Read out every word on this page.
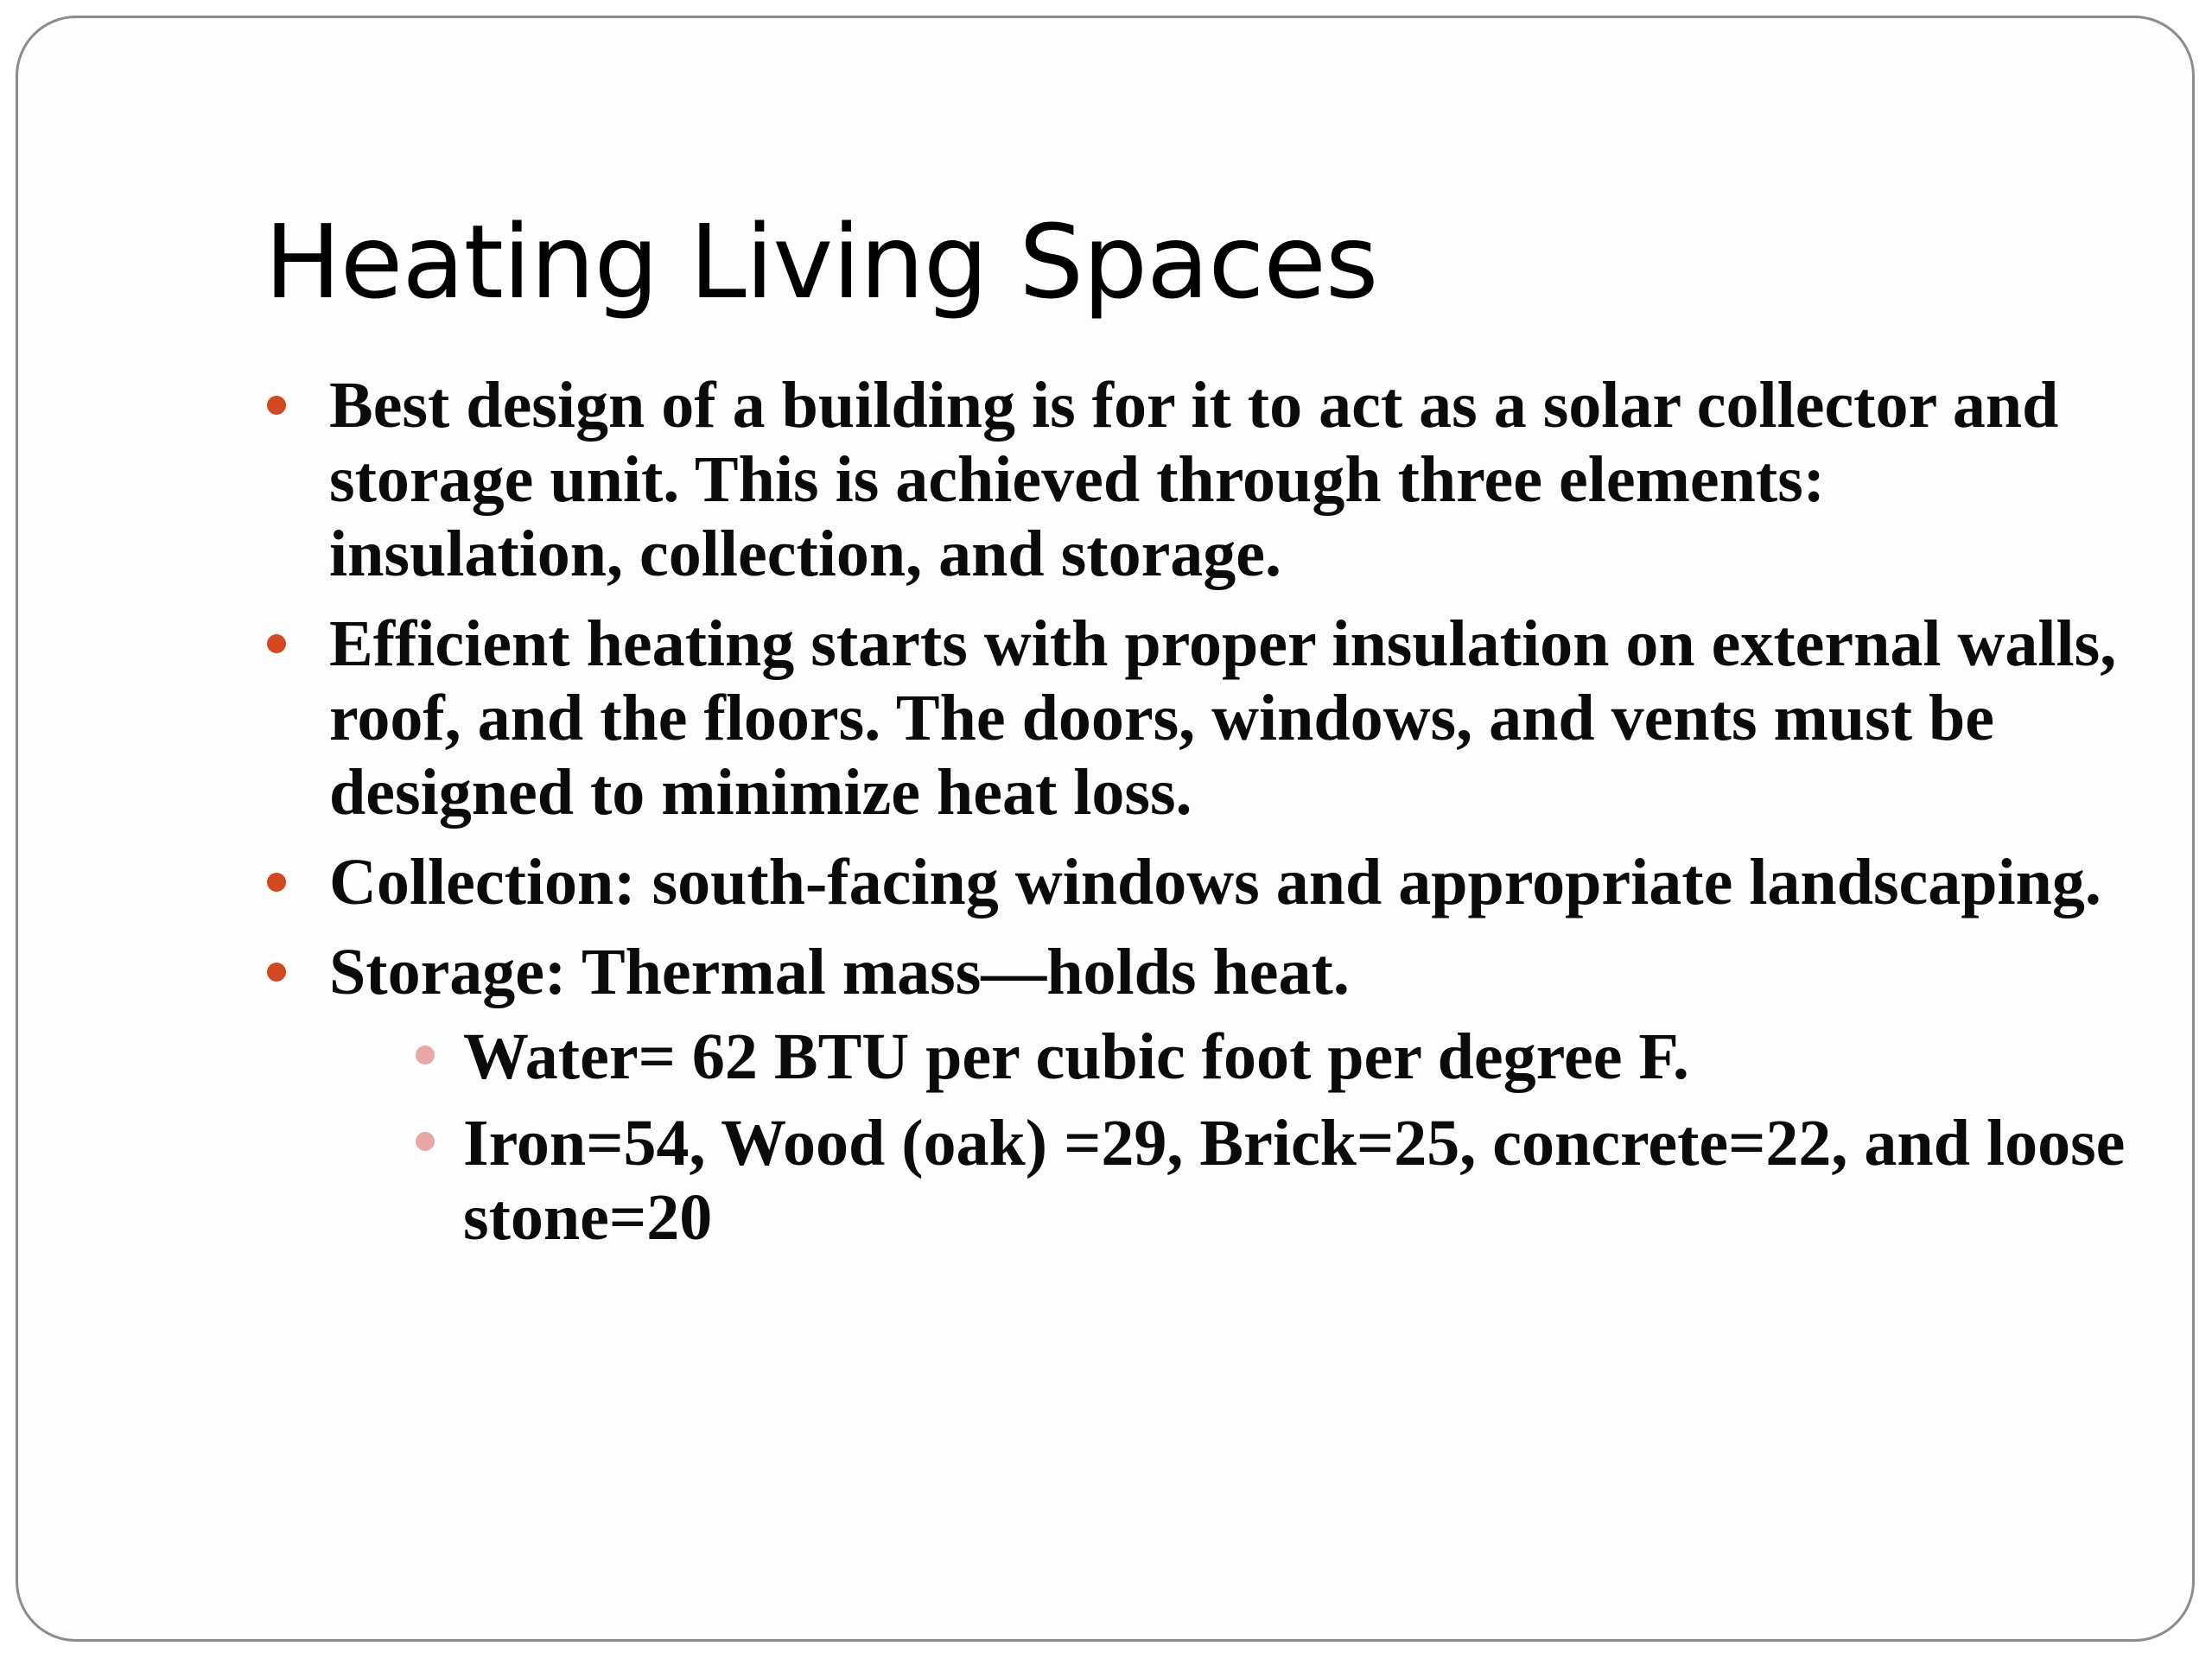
Heating Living Spaces
Best design of a building is for it to act as a solar collector and storage unit. This is achieved through three elements: insulation, collection, and storage.
Efficient heating starts with proper insulation on external walls, roof, and the floors. The doors, windows, and vents must be designed to minimize heat loss.
Collection: south-facing windows and appropriate landscaping.
Storage: Thermal mass—holds heat.
Water= 62 BTU per cubic foot per degree F.
Iron=54, Wood (oak) =29, Brick=25, concrete=22, and loose stone=20
